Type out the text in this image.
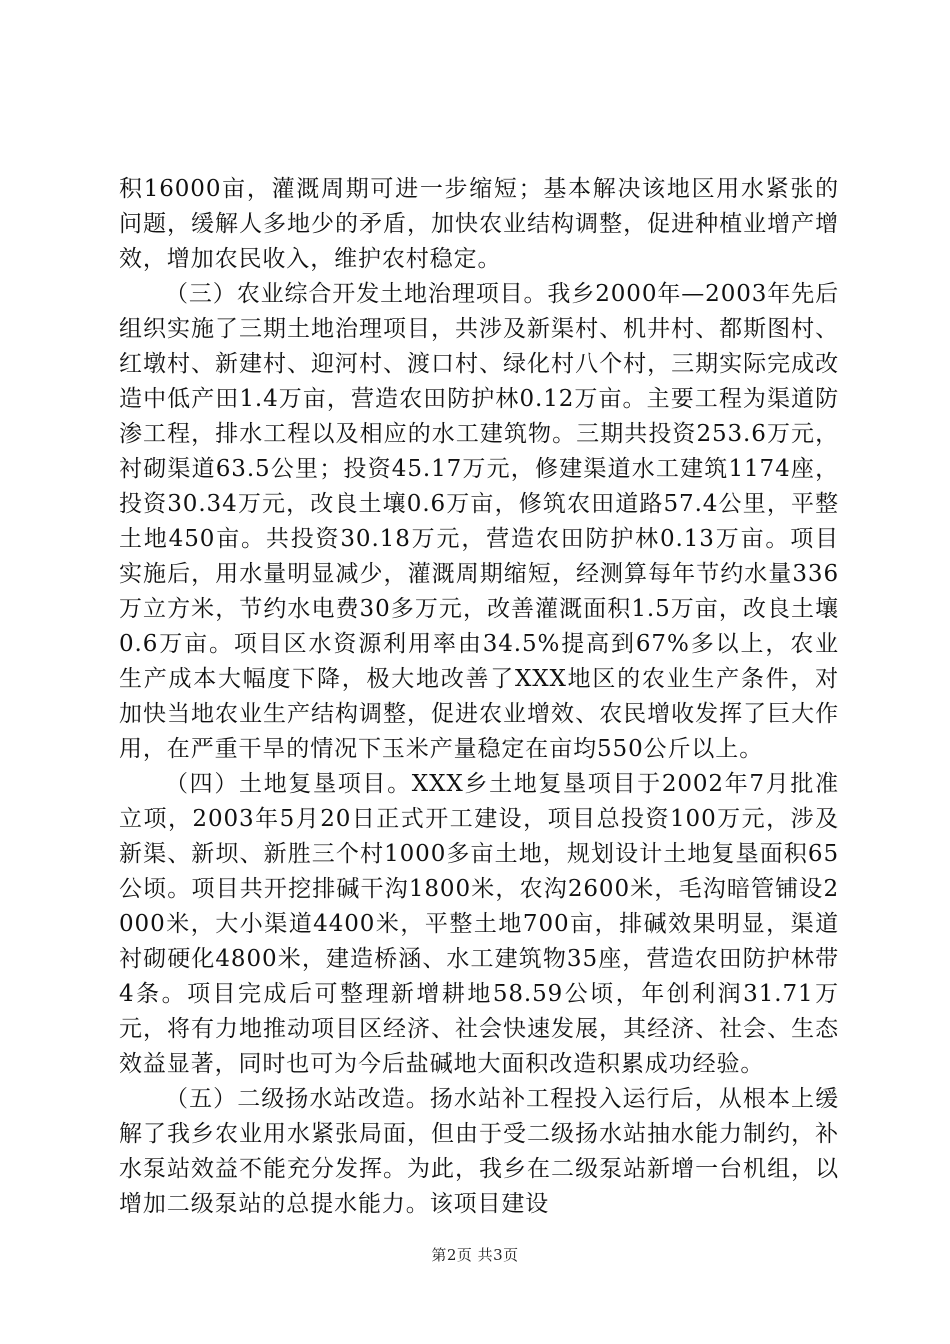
积16000亩，灌溉周期可进一步缩短；基本解决该地区用水紧张的问题，缓解人多地少的矛盾，加快农业结构调整，促进种植业增产增效，增加农民收入，维护农村稳定。

（三）农业综合开发土地治理项目。我乡2000年—2003年先后组织实施了三期土地治理项目，共涉及新渠村、机井村、都斯图村、红墩村、新建村、迎河村、渡口村、绿化村八个村，三期实际完成改造中低产田1.4万亩，营造农田防护林0.12万亩。主要工程为渠道防渗工程，排水工程以及相应的水工建筑物。三期共投资253.6万元，衬砌渠道63.5公里；投资45.17万元，修建渠道水工建筑1174座，投资30.34万元，改良土壤0.6万亩，修筑农田道路57.4公里，平整土地450亩。共投资30.18万元，营造农田防护林0.13万亩。项目实施后，用水量明显减少，灌溉周期缩短，经测算每年节约水量336万立方米，节约水电费30多万元，改善灌溉面积1.5万亩，改良土壤0.6万亩。项目区水资源利用率由34.5%提高到67%多以上，农业生产成本大幅度下降，极大地改善了XXX地区的农业生产条件，对加快当地农业生产结构调整，促进农业增效、农民增收发挥了巨大作用，在严重干旱的情况下玉米产量稳定在亩均550公斤以上。

（四）土地复垦项目。XXX乡土地复垦项目于2002年7月批准立项，2003年5月20日正式开工建设，项目总投资100万元，涉及新渠、新坝、新胜三个村1000多亩土地，规划设计土地复垦面积65公顷。项目共开挖排碱干沟1800米，农沟2600米，毛沟暗管铺设2000米，大小渠道4400米，平整土地700亩，排碱效果明显，渠道衬砌硬化4800米，建造桥涵、水工建筑物35座，营造农田防护林带4条。项目完成后可整理新增耕地58.59公顷，年创利润31.71万元，将有力地推动项目区经济、社会快速发展，其经济、社会、生态效益显著，同时也可为今后盐碱地大面积改造积累成功经验。

（五）二级扬水站改造。扬水站补工程投入运行后，从根本上缓解了我乡农业用水紧张局面，但由于受二级扬水站抽水能力制约，补水泵站效益不能充分发挥。为此，我乡在二级泵站新增一台机组，以增加二级泵站的总提水能力。该项目建设

第2页 共3页
